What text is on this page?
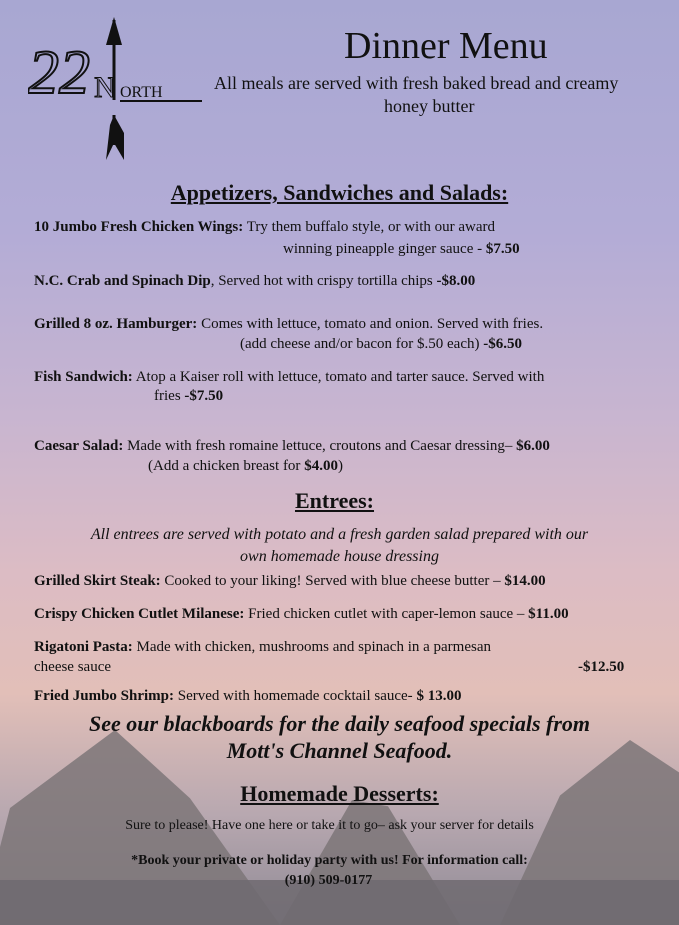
22 N ORTH
Dinner Menu
All meals are served with fresh baked bread and creamy
honey butter
Appetizers, Sandwiches and Salads:
10 Jumbo Fresh Chicken Wings: Try them buffalo style, or with our award
winning pineapple ginger sauce - $7.50
N.C. Crab and Spinach Dip, Served hot with crispy tortilla chips -$8.00
Grilled 8 oz. Hamburger: Comes with lettuce, tomato and onion. Served with fries.
(add cheese and/or bacon for $.50 each) -$6.50
Fish Sandwich: Atop a Kaiser roll with lettuce, tomato and tarter sauce. Served with
fries -$7.50
Caesar Salad: Made with fresh romaine lettuce, croutons and Caesar dressing– $6.00
(Add a chicken breast for $4.00)
Entrees:
All entrees are served with potato and a fresh garden salad prepared with our
own homemade house dressing
Grilled Skirt Steak: Cooked to your liking! Served with blue cheese butter – $14.00
Crispy Chicken Cutlet Milanese: Fried chicken cutlet with caper-lemon sauce – $11.00
Rigatoni Pasta: Made with chicken, mushrooms and spinach in a parmesan
cheese sauce	-$12.50
Fried Jumbo Shrimp: Served with homemade cocktail sauce- $ 13.00
See our blackboards for the daily seafood specials from
Mott's Channel Seafood.
Homemade Desserts:
Sure to please! Have one here or take it to go– ask your server for details
*Book your private or holiday party with us! For information call:
(910) 509-0177
